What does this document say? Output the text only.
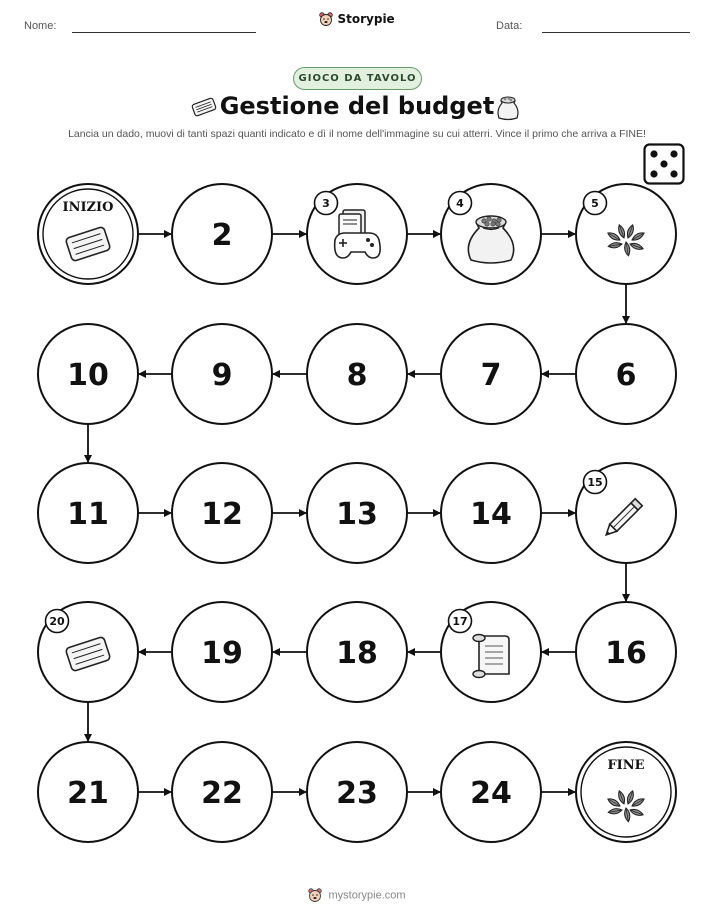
Nome:	Data:
Storypie
GIOCO DA TAVOLO
Gestione del budget
Lancia un dado, muovi di tanti spazi quanti indicato e dì il nome dell'immagine su cui atterri. Vince il primo che arriva a FINE!
INIZIO
2
3	4	5
6
7
8
9
10
11	12	13	14
15
16
17
18
19
20
21	22	23	24
FINE
mystorypie.com
